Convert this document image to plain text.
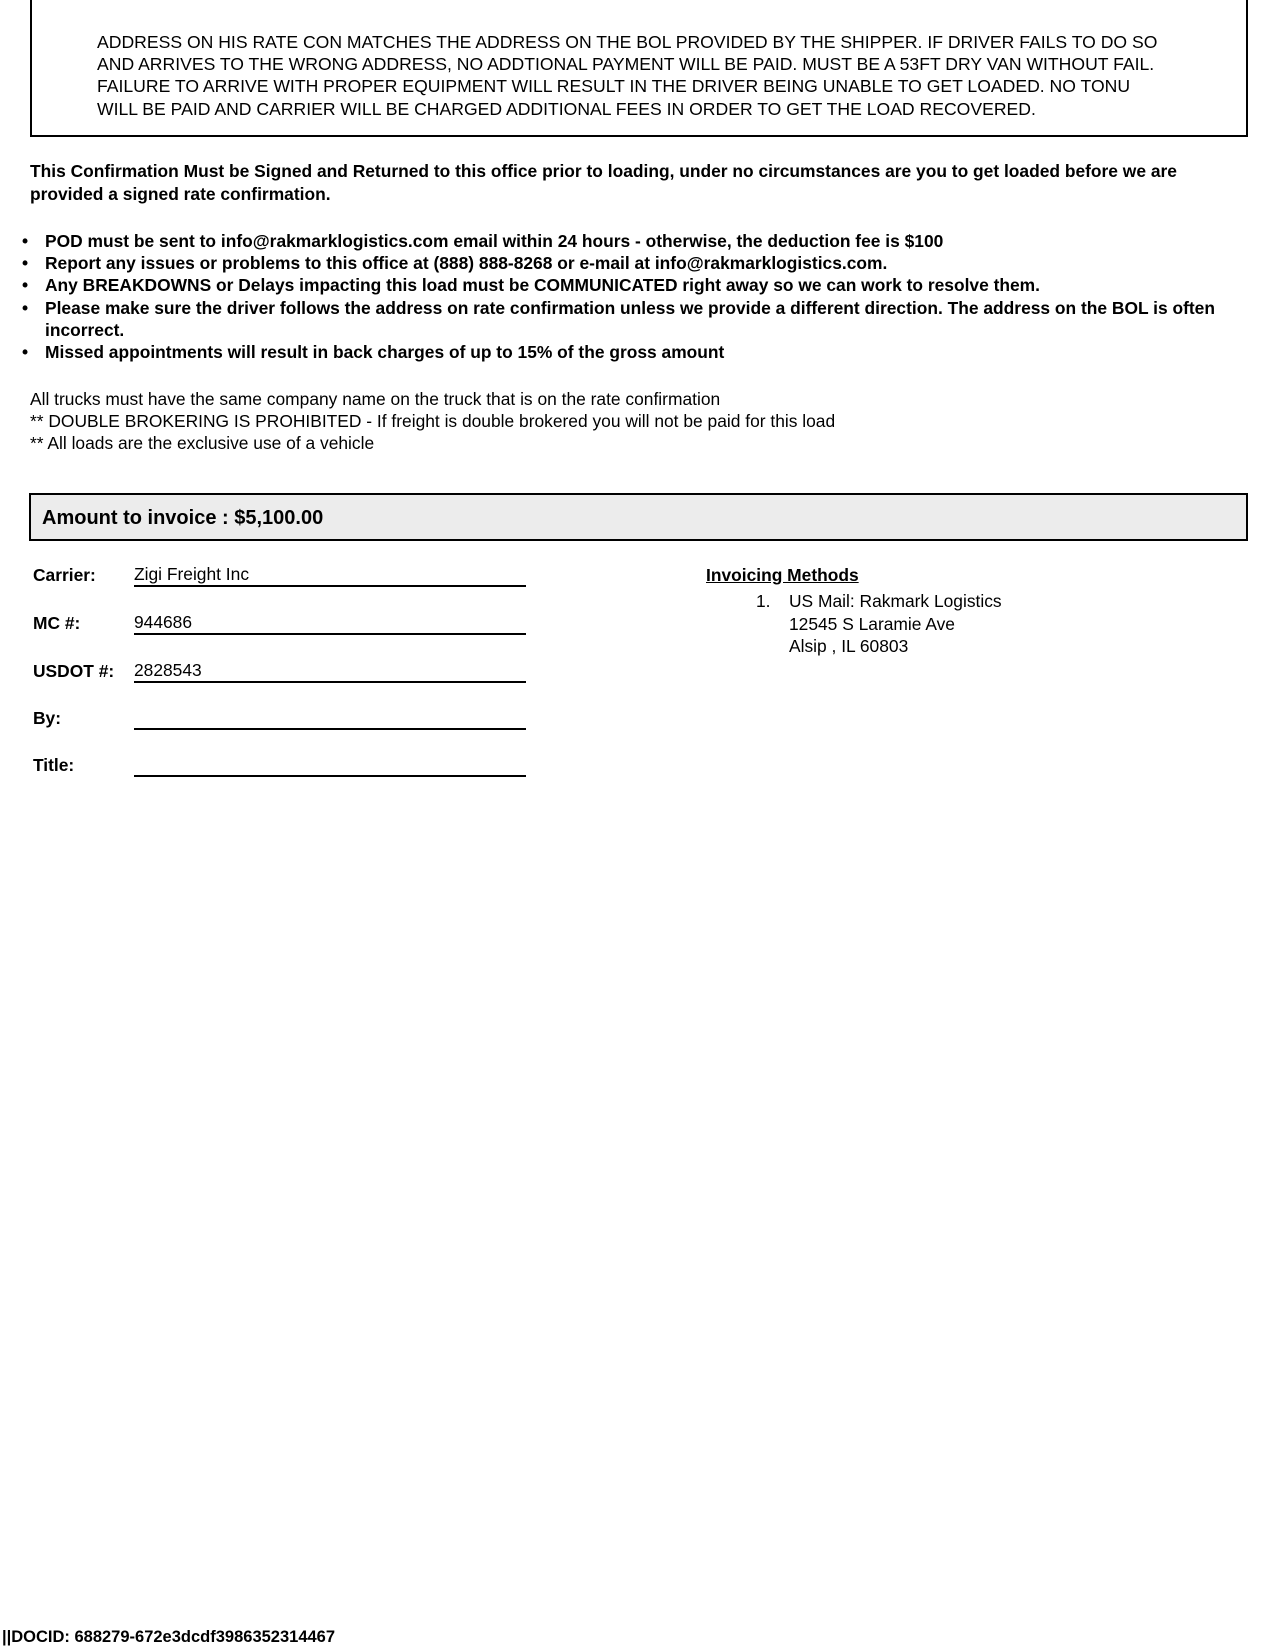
ADDRESS ON HIS RATE CON MATCHES THE ADDRESS ON THE BOL PROVIDED BY THE SHIPPER. IF DRIVER FAILS TO DO SO
AND ARRIVES TO THE WRONG ADDRESS, NO ADDTIONAL PAYMENT WILL BE PAID. MUST BE A 53FT DRY VAN WITHOUT FAIL.
FAILURE TO ARRIVE WITH PROPER EQUIPMENT WILL RESULT IN THE DRIVER BEING UNABLE TO GET LOADED. NO TONU
WILL BE PAID AND CARRIER WILL BE CHARGED ADDITIONAL FEES IN ORDER TO GET THE LOAD RECOVERED.
This Confirmation Must be Signed and Returned to this office prior to loading, under no circumstances are you to get loaded before we are provided a signed rate confirmation.
• POD must be sent to info@rakmarklogistics.com email within 24 hours - otherwise, the deduction fee is $100
• Report any issues or problems to this office at (888) 888-8268 or e-mail at info@rakmarklogistics.com.
• Any BREAKDOWNS or Delays impacting this load must be COMMUNICATED right away so we can work to resolve them.
• Please make sure the driver follows the address on rate confirmation unless we provide a different direction. The address on the BOL is often incorrect.
• Missed appointments will result in back charges of up to 15% of the gross amount
All trucks must have the same company name on the truck that is on the rate confirmation
** DOUBLE BROKERING IS PROHIBITED - If freight is double brokered you will not be paid for this load
** All loads are the exclusive use of a vehicle
Amount to invoice : $5,100.00
Carrier: Zigi Freight Inc
MC #:	944686
USDOT #: 2828543
By:
Title:
Invoicing Methods
1. US Mail: Rakmark Logistics
12545 S Laramie Ave
Alsip , IL 60803
||DOCID: 688279-672e3dcdf3986352314467
